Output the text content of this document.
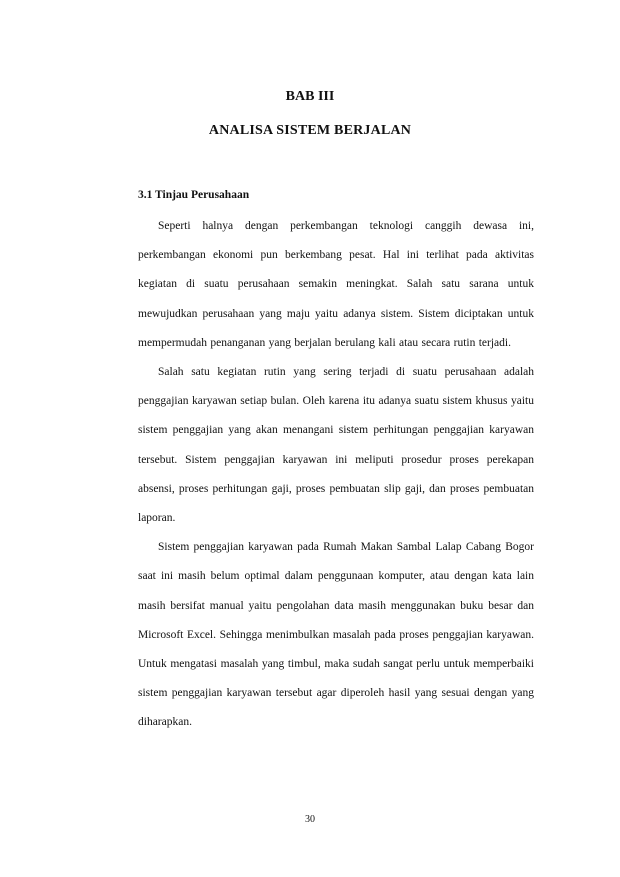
BAB III
ANALISA SISTEM BERJALAN
3.1 Tinjau Perusahaan

Seperti halnya dengan perkembangan teknologi canggih dewasa ini, perkembangan ekonomi pun berkembang pesat. Hal ini terlihat pada aktivitas kegiatan di suatu perusahaan semakin meningkat. Salah satu sarana untuk mewujudkan perusahaan yang maju yaitu adanya sistem. Sistem diciptakan untuk mempermudah penanganan yang berjalan berulang kali atau secara rutin terjadi.

Salah satu kegiatan rutin yang sering terjadi di suatu perusahaan adalah penggajian karyawan setiap bulan. Oleh karena itu adanya suatu sistem khusus yaitu sistem penggajian yang akan menangani sistem perhitungan penggajian karyawan tersebut. Sistem penggajian karyawan ini meliputi prosedur proses perekapan absensi, proses perhitungan gaji, proses pembuatan slip gaji, dan proses pembuatan laporan.

Sistem penggajian karyawan pada Rumah Makan Sambal Lalap Cabang Bogor saat ini masih belum optimal dalam penggunaan komputer, atau dengan kata lain masih bersifat manual yaitu pengolahan data masih menggunakan buku besar dan Microsoft Excel. Sehingga menimbulkan masalah pada proses penggajian karyawan. Untuk mengatasi masalah yang timbul, maka sudah sangat perlu untuk memperbaiki sistem penggajian karyawan tersebut agar diperoleh hasil yang sesuai dengan yang diharapkan.

30
